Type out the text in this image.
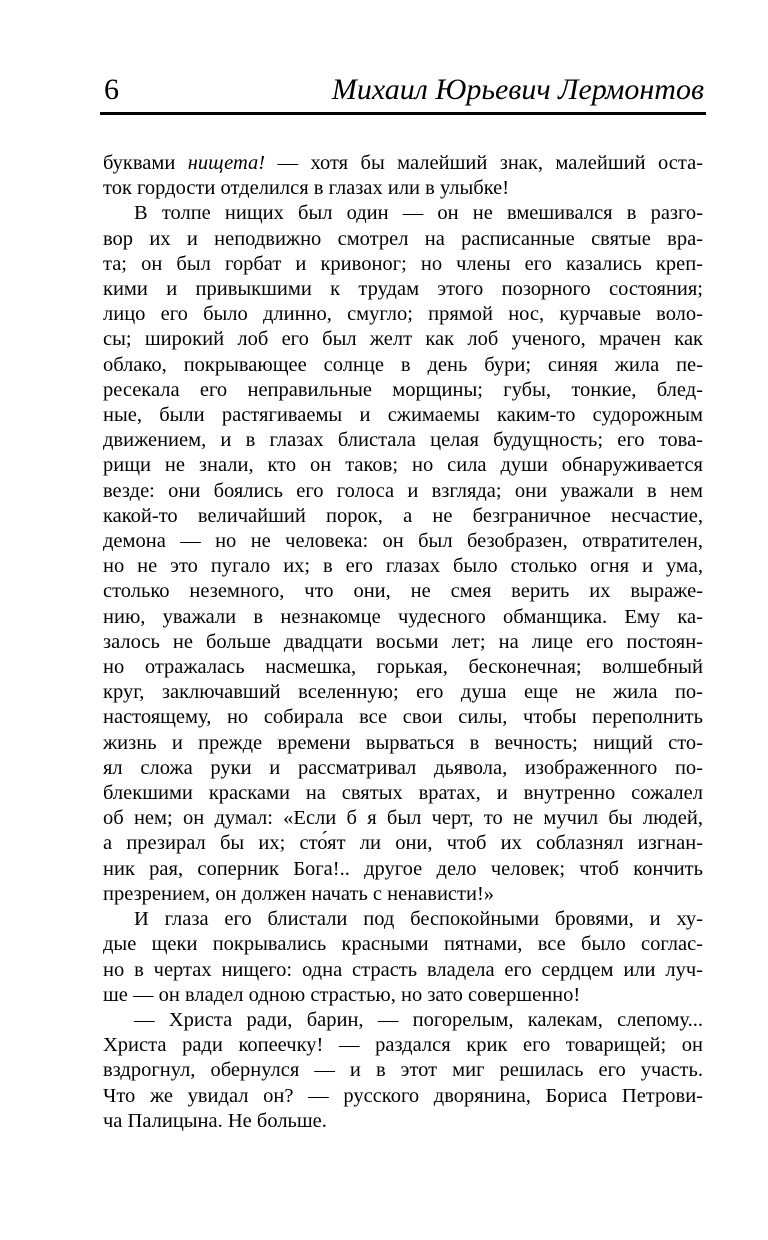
6	Михаил Юрьевич Лермонтов
буквами нищета! — хотя бы малейший знак, малейший оста-
ток гордости отделился в глазах или в улыбке!
В толпе нищих был один — он не вмешивался в разго-
вор их и неподвижно смотрел на расписанные святые вра-
та; он был горбат и кривоног; но члены его казались креп-
кими и привыкшими к трудам этого позорного состояния;
лицо его было длинно, смугло; прямой нос, курчавые воло-
сы; широкий лоб его был желт как лоб ученого, мрачен как
облако, покрывающее солнце в день бури; синяя жила пе-
ресекала его неправильные морщины; губы, тонкие, блед-
ные, были растягиваемы и сжимаемы каким-то судорожным
движением, и в глазах блистала целая будущность; его това-
рищи не знали, кто он таков; но сила души обнаруживается
везде: они боялись его голоса и взгляда; они уважали в нем
какой-то величайший порок, а не безграничное несчастие,
демона — но не человека: он был безобразен, отвратителен,
но не это пугало их; в его глазах было столько огня и ума,
столько неземного, что они, не смея верить их выраже-
нию, уважали в незнакомце чудесного обманщика. Ему ка-
залось не больше двадцати восьми лет; на лице его постоян-
но отражалась насмешка, горькая, бесконечная; волшебный
круг, заключавший вселенную; его душа еще не жила по-
настоящему, но собирала все свои силы, чтобы переполнить
жизнь и прежде времени вырваться в вечность; нищий сто-
ял сложа руки и рассматривал дьявола, изображенного по-
блекшими красками на святых вратах, и внутренно сожалел
об нем; он думал: «Если б я был черт, то не мучил бы людей,
а презирал бы их; сто́ят ли они, чтоб их соблазнял изгнан-
ник рая, соперник Бога!.. другое дело человек; чтоб кончить
презрением, он должен начать с ненависти!»
И глаза его блистали под беспокойными бровями, и ху-
дые щеки покрывались красными пятнами, все было соглас-
но в чертах нищего: одна страсть владела его сердцем или луч-
ше — он владел одною страстью, но зато совершенно!
— Христа ради, барин, — погорелым, калекам, слепому...
Христа ради копеечку! — раздался крик его товарищей; он
вздрогнул, обернулся — и в этот миг решилась его участь.
Что же увидал он? — русского дворянина, Бориса Петрови-
ча Палицына. Не больше.
